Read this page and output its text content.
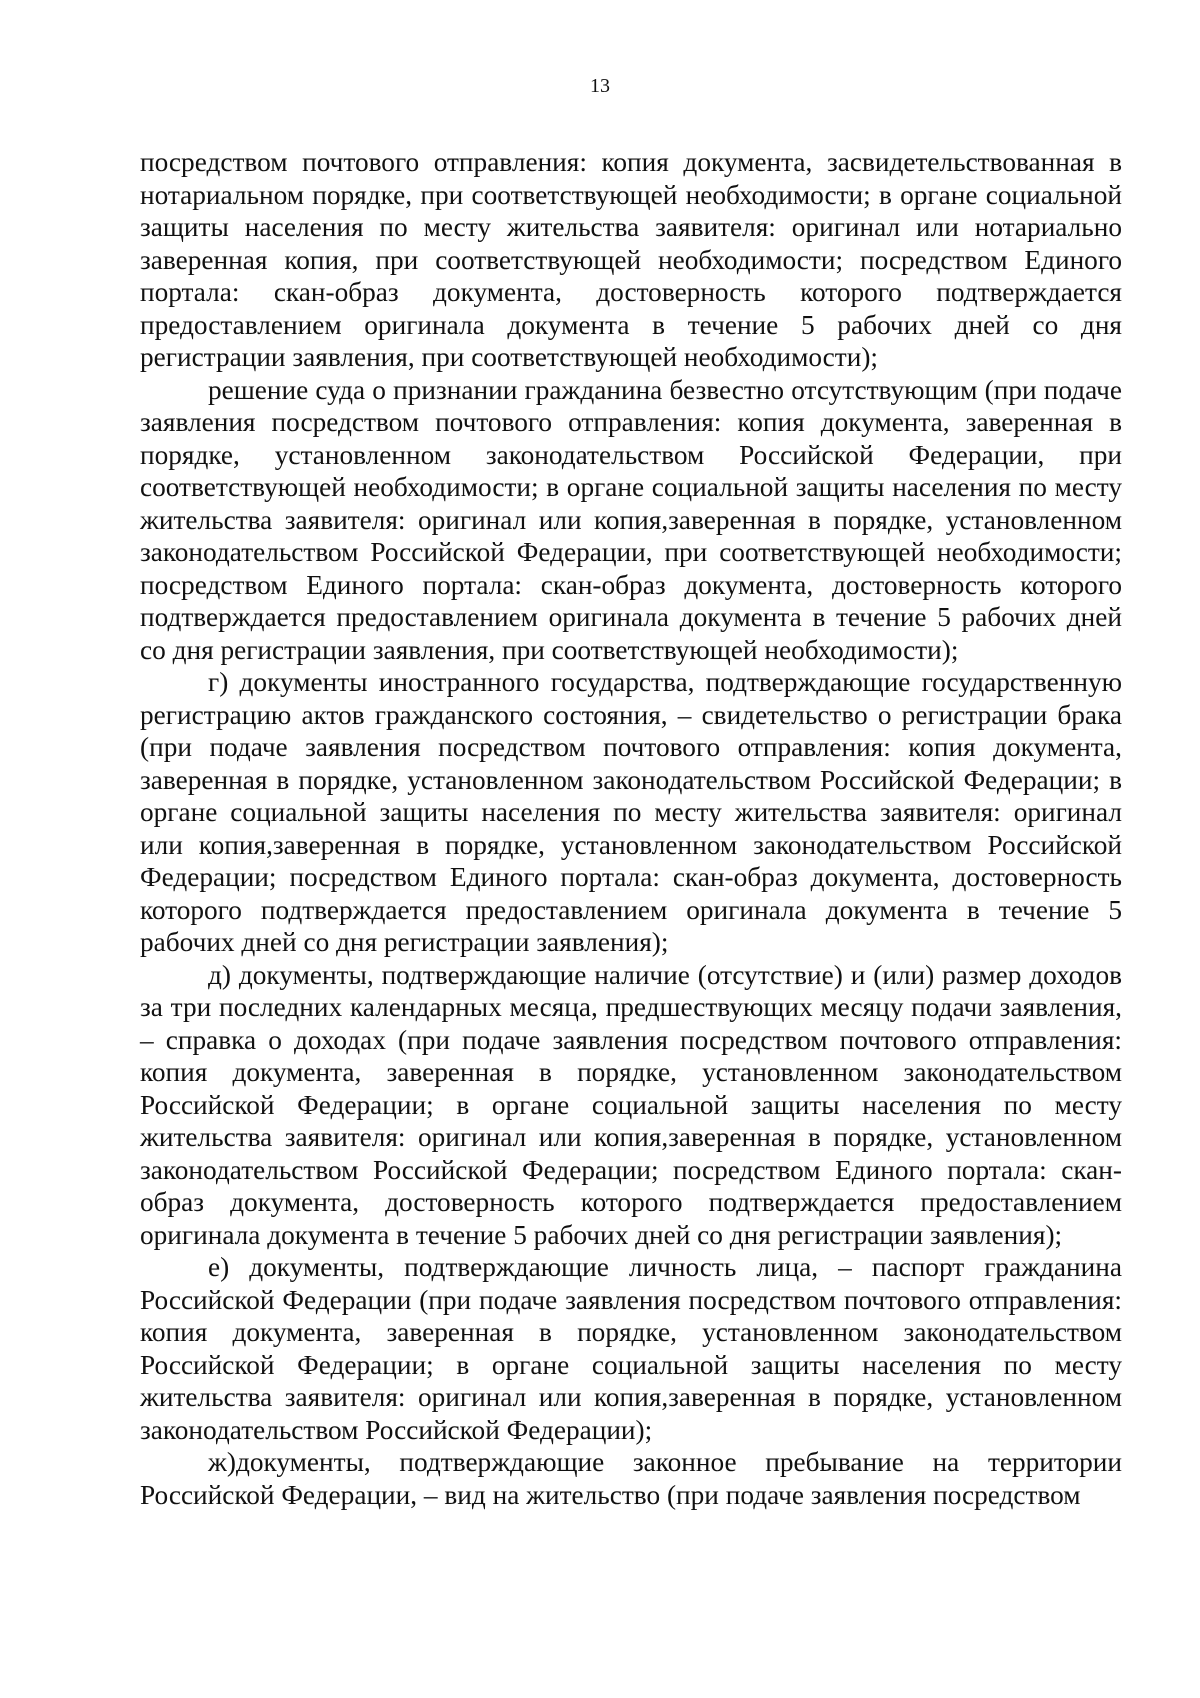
13

посредством почтового отправления: копия документа, засвидетельствованная в нотариальном порядке, при соответствующей необходимости; в органе социальной защиты населения по месту жительства заявителя: оригинал или нотариально заверенная копия, при соответствующей необходимости; посредством Единого портала: скан-образ документа, достоверность которого подтверждается предоставлением оригинала документа в течение 5 рабочих дней со дня регистрации заявления, при соответствующей необходимости);

решение суда о признании гражданина безвестно отсутствующим (при подаче заявления посредством почтового отправления: копия документа, заверенная в порядке, установленном законодательством Российской Федерации, при соответствующей необходимости; в органе социальной защиты населения по месту жительства заявителя: оригинал или копия,заверенная в порядке, установленном законодательством Российской Федерации, при соответствующей необходимости; посредством Единого портала: скан-образ документа, достоверность которого подтверждается предоставлением оригинала документа в течение 5 рабочих дней со дня регистрации заявления, при соответствующей необходимости);

г) документы иностранного государства, подтверждающие государственную регистрацию актов гражданского состояния, – свидетельство о регистрации брака (при подаче заявления посредством почтового отправления: копия документа, заверенная в порядке, установленном законодательством Российской Федерации; в органе социальной защиты населения по месту жительства заявителя: оригинал или копия,заверенная в порядке, установленном законодательством Российской Федерации; посредством Единого портала: скан-образ документа, достоверность которого подтверждается предоставлением оригинала документа в течение 5 рабочих дней со дня регистрации заявления);

д) документы, подтверждающие наличие (отсутствие) и (или) размер доходов за три последних календарных месяца, предшествующих месяцу подачи заявления, – справка о доходах (при подаче заявления посредством почтового отправления: копия документа, заверенная в порядке, установленном законодательством Российской Федерации; в органе социальной защиты населения по месту жительства заявителя: оригинал или копия,заверенная в порядке, установленном законодательством Российской Федерации; посредством Единого портала: скан-образ документа, достоверность которого подтверждается предоставлением оригинала документа в течение 5 рабочих дней со дня регистрации заявления);

е) документы, подтверждающие личность лица, – паспорт гражданина Российской Федерации (при подаче заявления посредством почтового отправления: копия документа, заверенная в порядке, установленном законодательством Российской Федерации; в органе социальной защиты населения по месту жительства заявителя: оригинал или копия,заверенная в порядке, установленном законодательством Российской Федерации);

ж)документы, подтверждающие законное пребывание на территории Российской Федерации, – вид на жительство (при подаче заявления посредством
